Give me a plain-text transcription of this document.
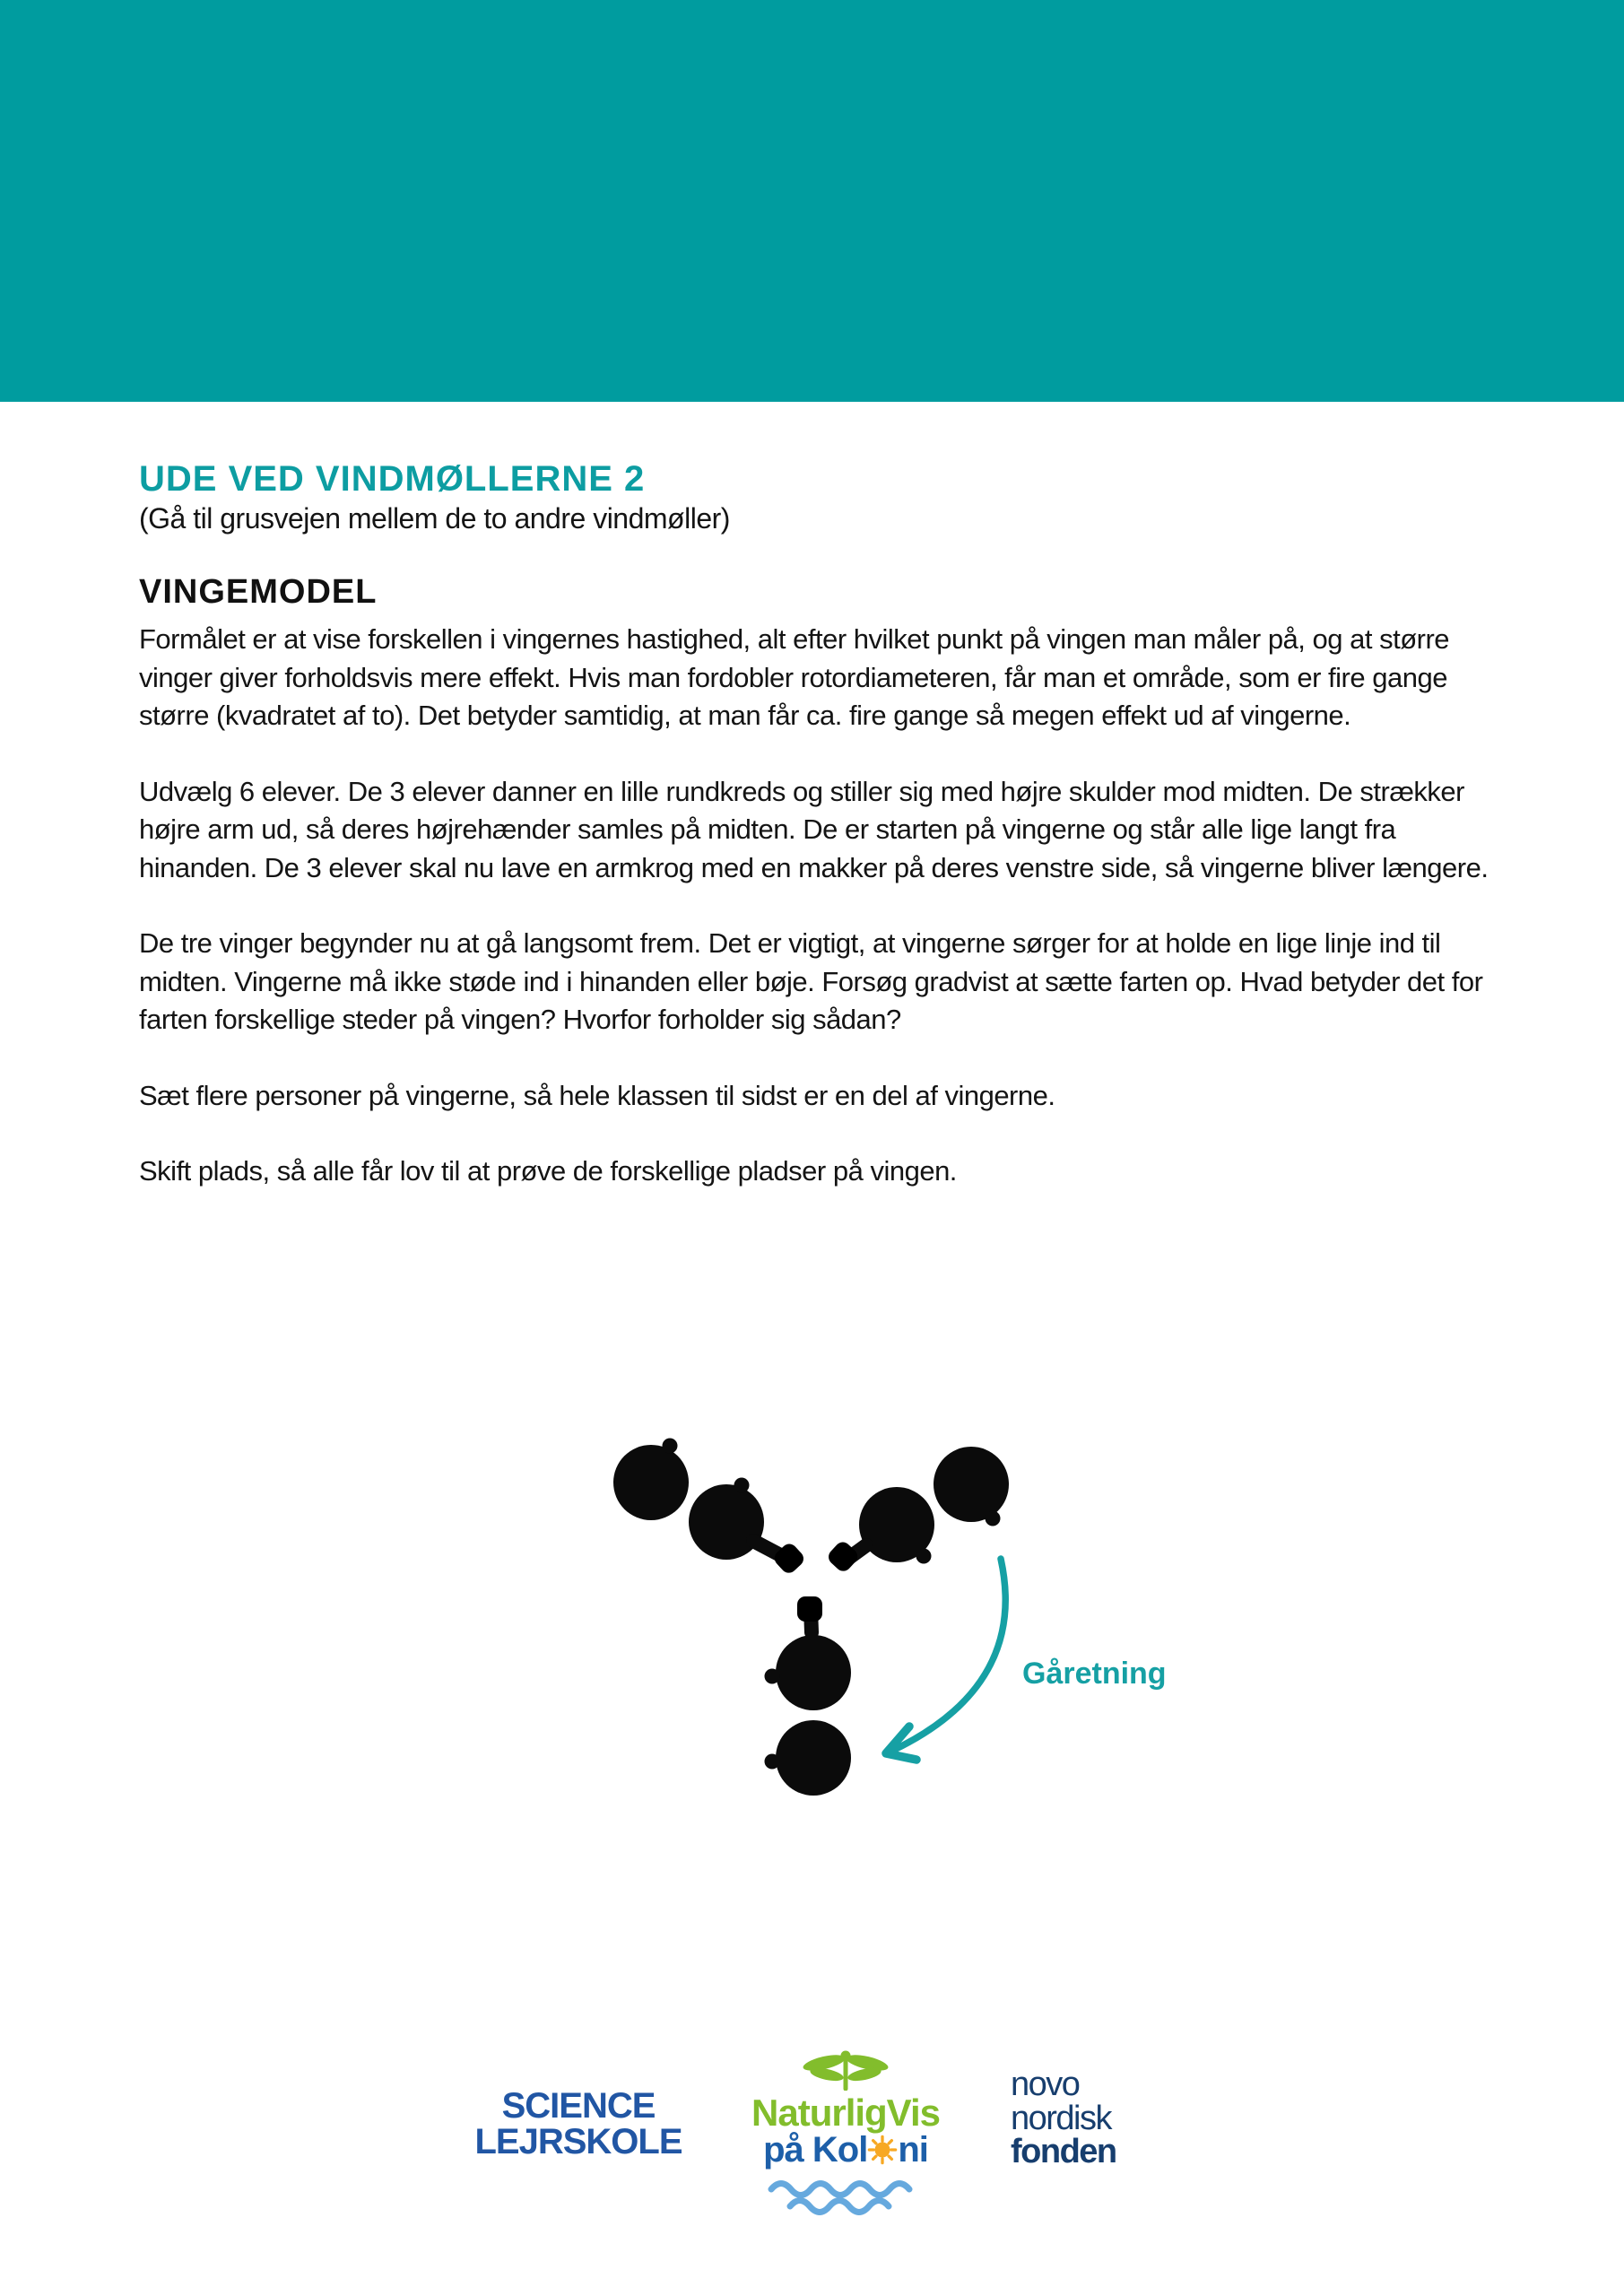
UDE VED VINDMØLLERNE 2
(Gå til grusvejen mellem de to andre vindmøller)
VINGEMODEL

Formålet er at vise forskellen i vingernes hastighed, alt efter hvilket punkt på vingen man måler på, og at større vinger giver forholdsvis mere effekt. Hvis man fordobler rotordiameteren, får man et område, som er fire gange større (kvadratet af to). Det betyder samtidig, at man får ca. fire gange så megen effekt ud af vingerne.

Udvælg 6 elever. De 3 elever danner en lille rundkreds og stiller sig med højre skulder mod midten. De strækker højre arm ud, så deres højrehænder samles på midten. De er starten på vingerne og står alle lige langt fra hinanden. De 3 elever skal nu lave en armkrog med en makker på deres venstre side, så vingerne bliver længere.

De tre vinger begynder nu at gå langsomt frem. Det er vigtigt, at vingerne sørger for at holde en lige linje ind til midten. Vingerne må ikke støde ind i hinanden eller bøje. Forsøg gradvist at sætte farten op. Hvad betyder det for farten forskellige steder på vingen? Hvorfor forholder sig sådan?

Sæt flere personer på vingerne, så hele klassen til sidst er en del af vingerne.

Skift plads, så alle får lov til at prøve de forskellige pladser på vingen.

Gåretning
SCIENCE
LEJRSKOLE
NaturligVis
på Kol ni
novo
nordisk
fonden
